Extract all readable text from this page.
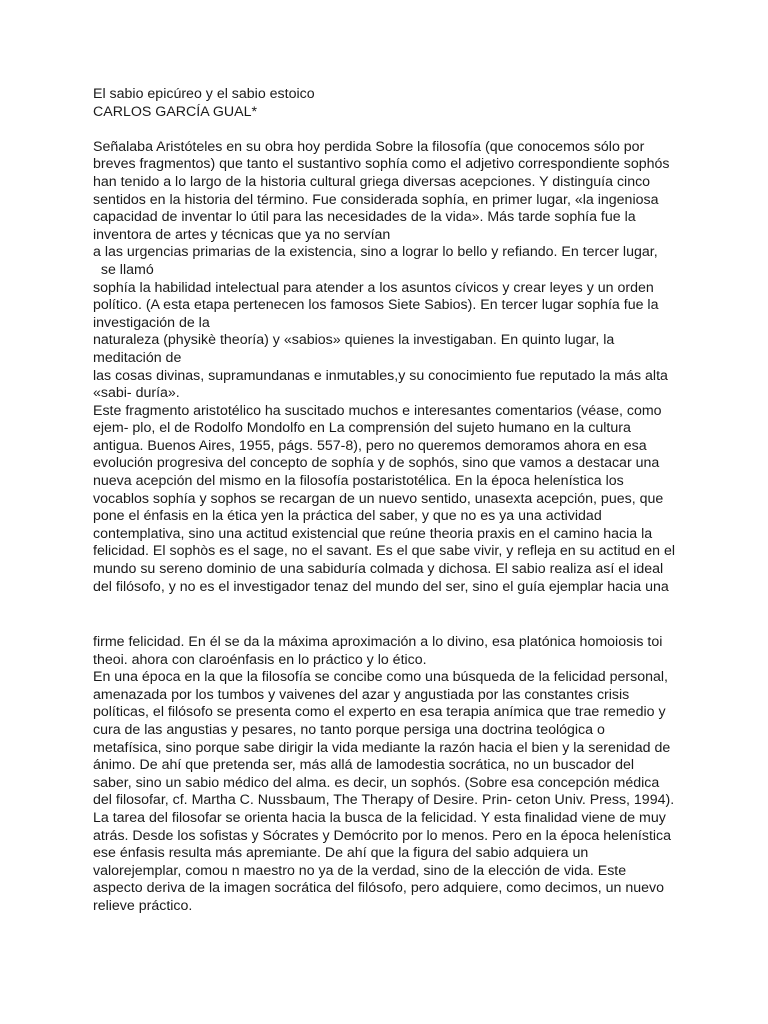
El sabio epicúreo y el sabio estoico
CARLOS GARCÍA GUAL*
Señalaba Aristóteles en su obra hoy perdida Sobre la filosofía (que conocemos sólo por
breves fragmentos) que tanto el sustantivo sophía como el adjetivo correspondiente sophós
han tenido a lo largo de la historia cultural griega diversas acepciones. Y distinguía cinco
sentidos en la historia del término. Fue considerada sophía, en primer lugar, «la ingeniosa
capacidad de inventar lo útil para las necesidades de la vida». Más tarde sophía fue la
inventora de artes y técnicas que ya no servían
a las urgencias primarias de la existencia, sino a lograr lo bello y refiando. En tercer lugar,
se llamó
sophía la habilidad intelectual para atender a los asuntos cívicos y crear leyes y un orden
político. (A esta etapa pertenecen los famosos Siete Sabios). En tercer lugar sophía fue la
investigación de la
naturaleza (physikè theoría) y «sabios» quienes la investigaban. En quinto lugar, la
meditación de
las cosas divinas, supramundanas e inmutables,y su conocimiento fue reputado la más alta
«sabi- duría».
Este fragmento aristotélico ha suscitado muchos e interesantes comentarios (véase, como
ejem- plo, el de Rodolfo Mondolfo en La comprensión del sujeto humano en la cultura
antigua. Buenos Aires, 1955, págs. 557-8), pero no queremos demoramos ahora en esa
evolución progresiva del concepto de sophía y de sophós, sino que vamos a destacar una
nueva acepción del mismo en la filosofía postaristotélica. En la época helenística los
vocablos sophía y sophos se recargan de un nuevo sentido, unasexta acepción, pues, que
pone el énfasis en la ética yen la práctica del saber, y que no es ya una actividad
contemplativa, sino una actitud existencial que reúne theoria praxis en el camino hacia la
felicidad. El sophòs es el sage, no el savant. Es el que sabe vivir, y refleja en su actitud en el
mundo su sereno dominio de una sabiduría colmada y dichosa. El sabio realiza así el ideal
del filósofo, y no es el investigador tenaz del mundo del ser, sino el guía ejemplar hacia una
firme felicidad. En él se da la máxima aproximación a lo divino, esa platónica homoiosis toi
theoi. ahora con claroénfasis en lo práctico y lo ético.
En una época en la que la filosofía se concibe como una búsqueda de la felicidad personal,
amenazada por los tumbos y vaivenes del azar y angustiada por las constantes crisis
políticas, el filósofo se presenta como el experto en esa terapia anímica que trae remedio y
cura de las angustias y pesares, no tanto porque persiga una doctrina teológica o
metafísica, sino porque sabe dirigir la vida mediante la razón hacia el bien y la serenidad de
ánimo. De ahí que pretenda ser, más allá de lamodestia socrática, no un buscador del
saber, sino un sabio médico del alma. es decir, un sophós. (Sobre esa concepción médica
del filosofar, cf. Martha C. Nussbaum, The Therapy of Desire. Prin- ceton Univ. Press, 1994).
La tarea del filosofar se orienta hacia la busca de la felicidad. Y esta finalidad viene de muy
atrás. Desde los sofistas y Sócrates y Demócrito por lo menos. Pero en la época helenística
ese énfasis resulta más apremiante. De ahí que la figura del sabio adquiera un
valorejemplar, comou n maestro no ya de la verdad, sino de la elección de vida. Este
aspecto deriva de la imagen socrática del filósofo, pero adquiere, como decimos, un nuevo
relieve práctico.
